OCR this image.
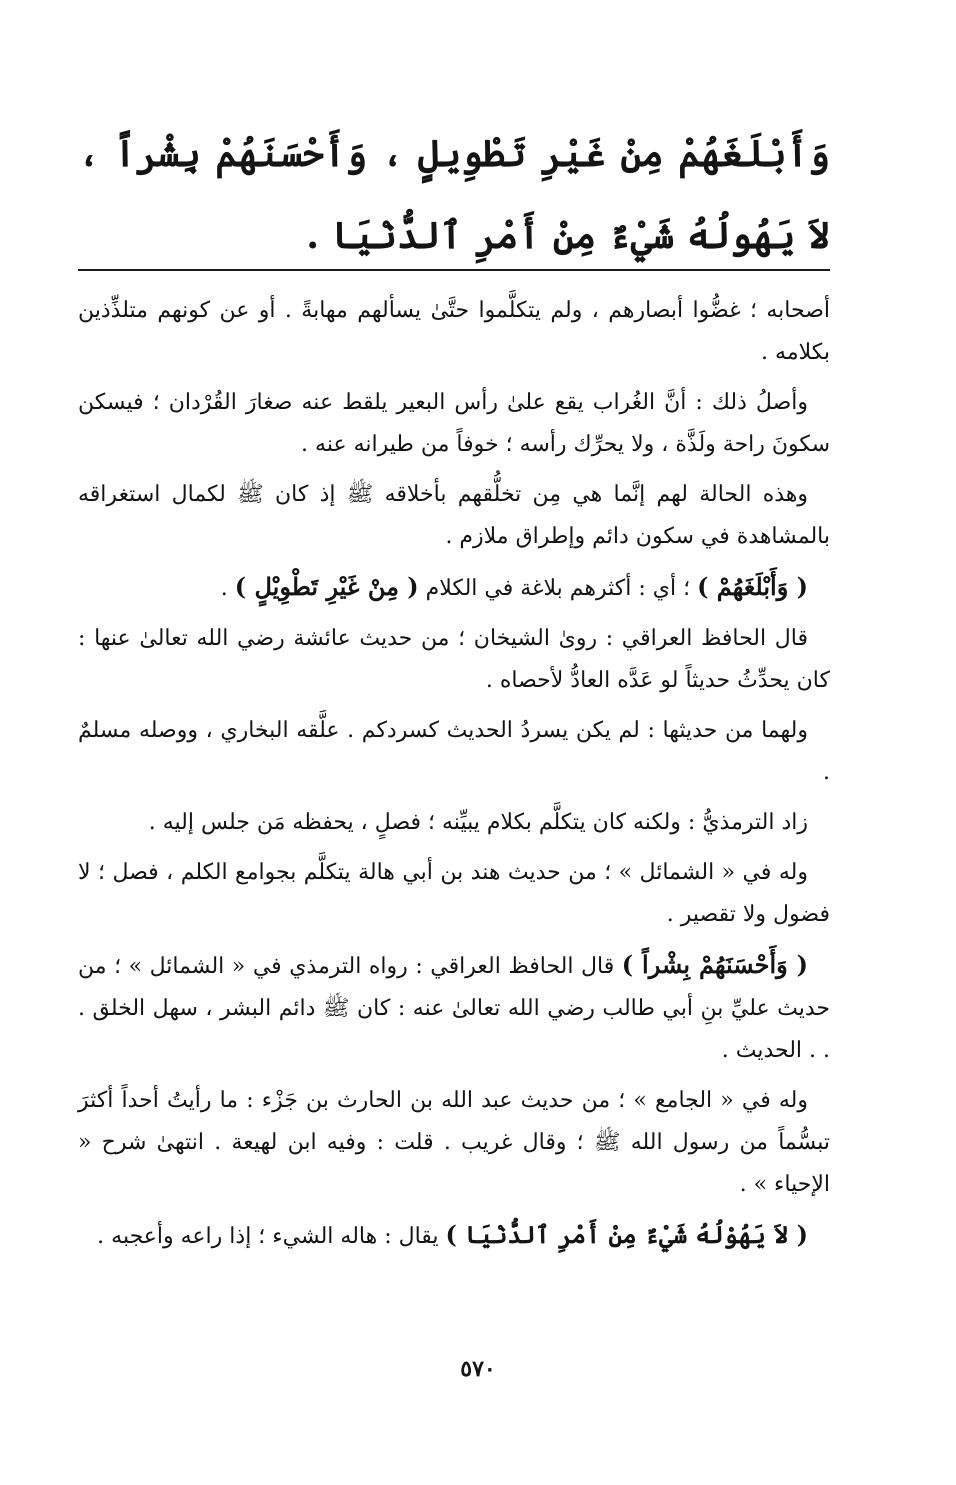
وَأَبْلَغَهُمْ مِنْ غَيْرِ تَطْوِيلٍ ، وَأَحْسَنَهُمْ بِشْراً ، لاَ يَهُولُهُ شَيْءٌ مِنْ أَمْرِ ٱلدُّنْيَا .

أصحابه ؛ غضُّوا أبصارهم ، ولم يتكلَّموا حتَّىٰ يسألهم مهابةً . أو عن كونهم متلذِّذين بكلامه .

وأصلُ ذلك : أنَّ الغُراب يقع علىٰ رأس البعير يلقط عنه صغارَ القُرْدان ؛ فيسكن سكونَ راحة ولَذَّة ، ولا يحرِّك رأسه ؛ خوفاً من طيرانه عنه .

وهذه الحالة لهم إنَّما هي مِن تخلُّقهم بأخلاقه ﷺ إذ كان ﷺ لكمال استغراقه بالمشاهدة في سكون دائم وإطراق ملازم .

( وَأَبْلَغَهُمْ ) ؛ أي : أكثرهم بلاغة في الكلام ( مِنْ غَيْرِ تَطْوِيْلٍ ) .

قال الحافظ العراقي : روىٰ الشيخان ؛ من حديث عائشة رضي الله تعالىٰ عنها : كان يحدِّثُ حديثاً لو عَدَّه العادُّ لأحصاه .

ولهما من حديثها : لم يكن يسردُ الحديث كسردكم . علَّقه البخاري ، ووصله مسلمٌ .

زاد الترمذيُّ : ولكنه كان يتكلَّم بكلام يبيِّنه ؛ فصلٍ ، يحفظه مَن جلس إليه .

وله في « الشمائل » ؛ من حديث هند بن أبي هالة يتكلَّم بجوامع الكلم ، فصل ؛ لا فضول ولا تقصير .

( وَأَحْسَنَهُمْ بِشْراً ) قال الحافظ العراقي : رواه الترمذي في « الشمائل » ؛ من حديث عليِّ بنِ أبي طالب رضي الله تعالىٰ عنه : كان ﷺ دائم البشر ، سهل الخلق . . . الحديث .

وله في « الجامع » ؛ من حديث عبد الله بن الحارث بن جَزْء : ما رأيتُ أحداً أكثرَ تبسُّماً من رسول الله ﷺ ؛ وقال غريب . قلت : وفيه ابن لهيعة . انتهىٰ شرح « الإحياء » .

( لاَ يَهُوْلُهُ شَيْءٌ مِنْ أَمْرِ ٱلدُّنْيَا ) يقال : هاله الشيء ؛ إذا راعه وأعجبه .

٥٧٠
